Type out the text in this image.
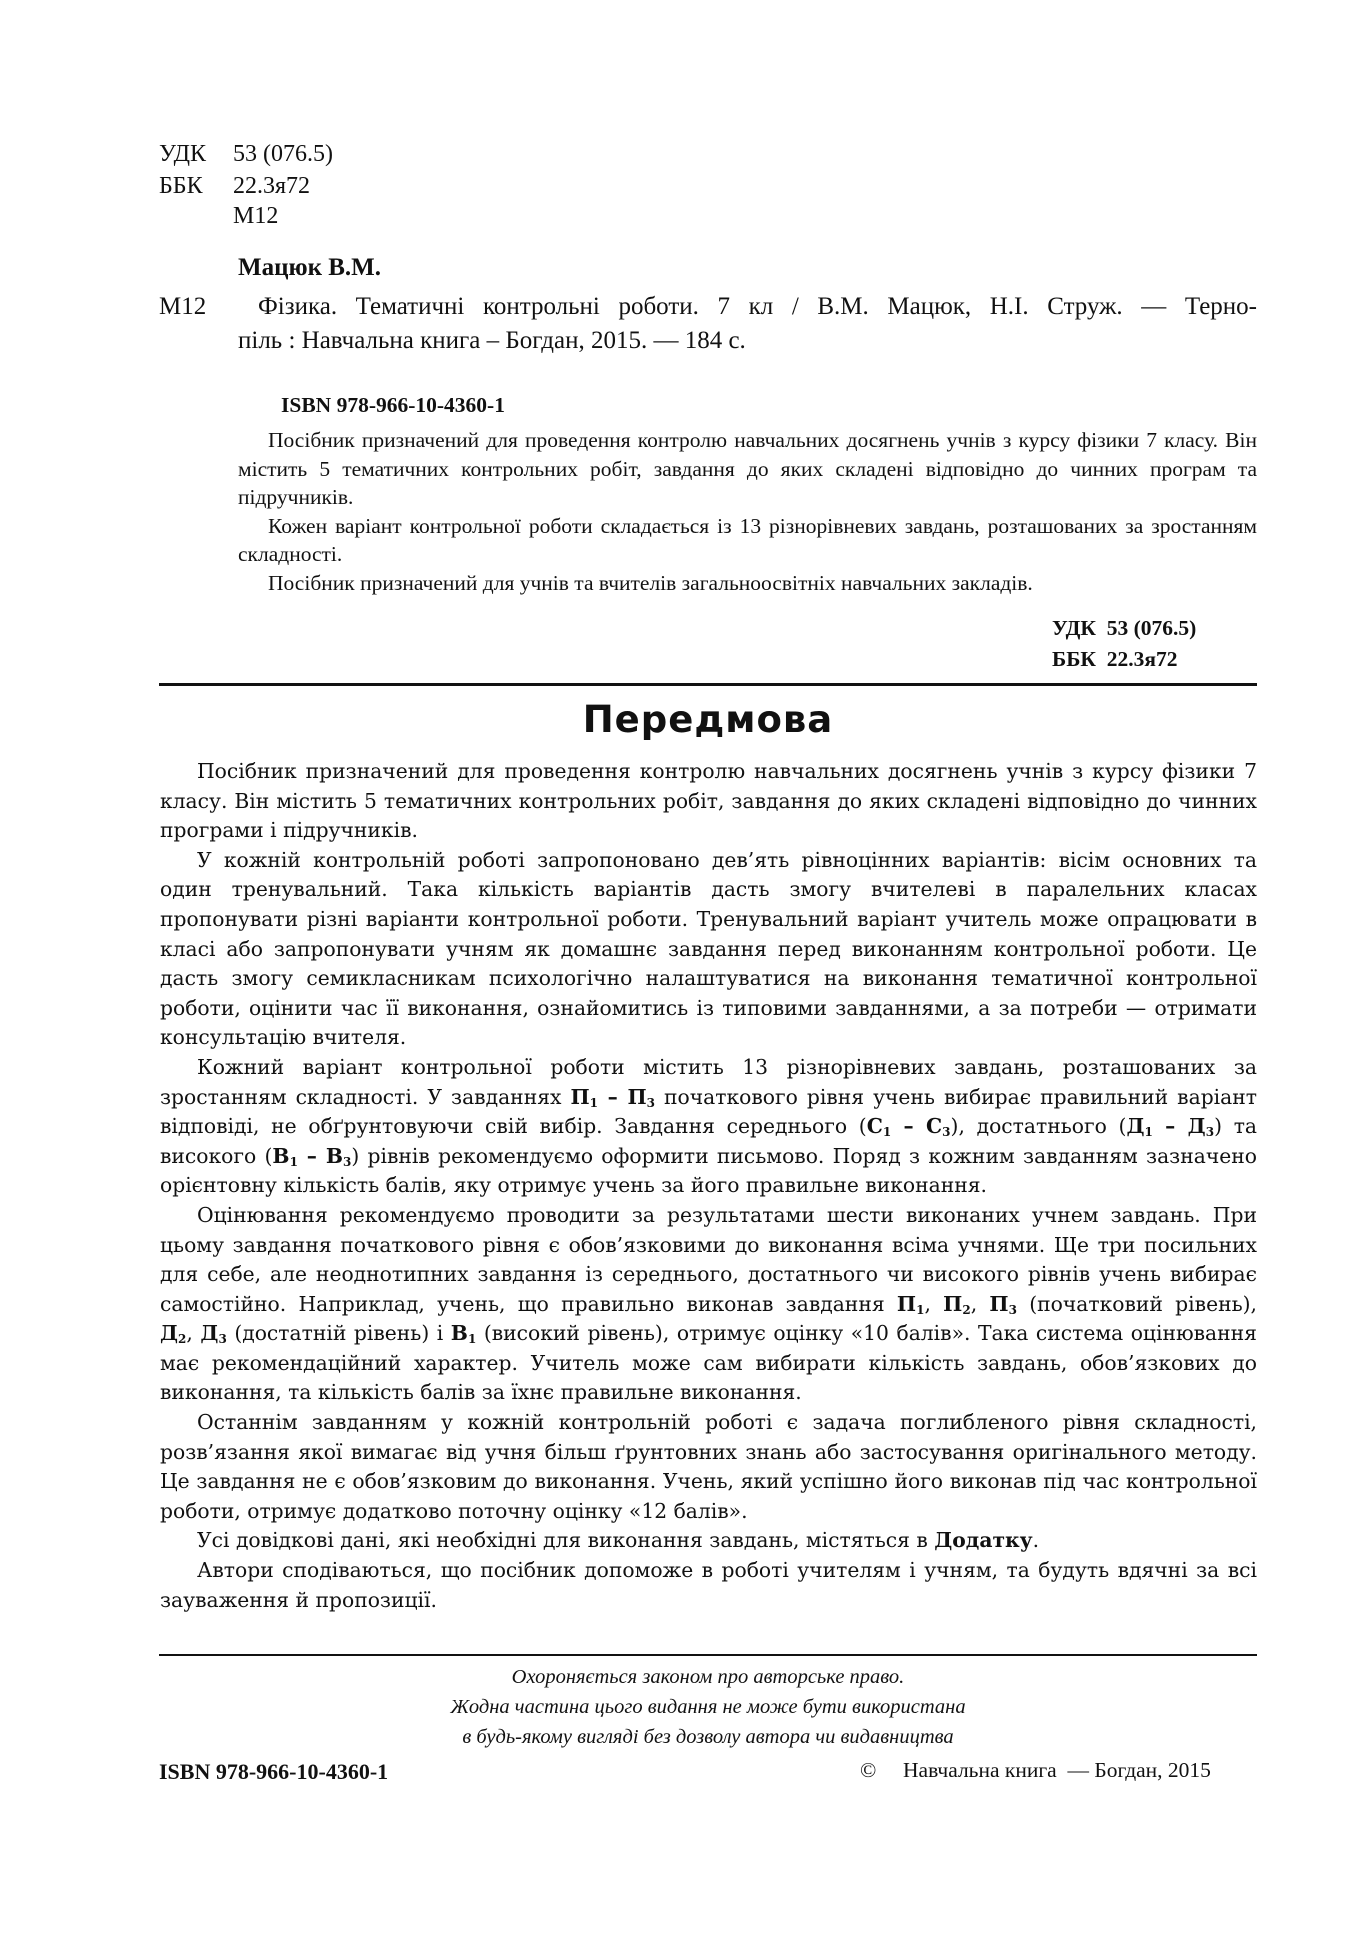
УДК 53 (076.5)
ББК 22.3я72
М12
Мацюк В.М.
М12 Фізика. Тематичні контрольні роботи. 7 кл / В.М. Мацюк, Н.І. Струж. — Терно-
піль : Навчальна книга – Богдан, 2015. — 184 с.
ISBN 978-966-10-4360-1

Посібник призначений для проведення контролю навчальних досягнень учнів з курсу фізики 7 класу. Він містить 5 тематичних контрольних робіт, завдання до яких складені відповідно до чинних програм та підручників.

Кожен варіант контрольної роботи складається із 13 різнорівневих завдань, розташованих за зростанням складності.

Посібник призначений для учнів та вчителів загальноосвітніх навчальних закладів.

УДК  53 (076.5)
ББК  22.3я72
Передмова

Посібник призначений для проведення контролю навчальних досягнень учнів з курсу фізики 7 класу. Він містить 5 тематичних контрольних робіт, завдання до яких складені відповідно до чинних програми і підручників.

У кожній контрольній роботі запропоновано дев’ять рівноцінних варіантів: вісім основних та один тренувальний. Така кількість варіантів дасть змогу вчителеві в паралельних класах пропонувати різні варіанти контрольної роботи. Тренувальний варіант учитель може опрацювати в класі або запропонувати учням як домашнє завдання перед виконанням контрольної роботи. Це дасть змогу семикласникам психологічно налаштуватися на виконання тематичної контрольної роботи, оцінити час її виконання, ознайомитись із типовими завданнями, а за потреби — отримати консультацію вчителя.

Кожний варіант контрольної роботи містить 13 різнорівневих завдань, розташованих за зростанням складності. У завданнях $П_1 - П_3$ початкового рівня учень вибирає правильний варіант відповіді, не обґрунтовуючи свій вибір. Завдання середнього $(С_1 - С_3)$, достатнього $(Д_1 - Д_3)$ та високого $(В_1 - В_3)$ рівнів рекомендуємо оформити письмово. Поряд з кожним завданням зазначено орієнтовну кількість балів, яку отримує учень за його правильне виконання.

Оцінювання рекомендуємо проводити за результатами шести виконаних учнем завдань. При цьому завдання початкового рівня є обов’язковими до виконання всіма учнями. Ще три посильних для себе, але неоднотипних завдання із середнього, достатнього чи високого рівнів учень вибирає самостійно. Наприклад, учень, що правильно виконав завдання $П_1$, $П_2$, $П_3$ (початковий рівень), $Д_2$, $Д_3$ (достатній рівень) і $В_1$ (високий рівень), отримує оцінку «10 балів». Така система оцінювання має рекомендаційний характер. Учитель може сам вибирати кількість завдань, обов’язкових до виконання, та кількість балів за їхнє правильне виконання.

Останнім завданням у кожній контрольній роботі є задача поглибленого рівня складності, розв’язання якої вимагає від учня більш ґрунтовних знань або застосування оригінального методу. Це завдання не є обов’язковим до виконання. Учень, який успішно його виконав під час контрольної роботи, отримує додатково поточну оцінку «12 балів».

Усі довідкові дані, які необхідні для виконання завдань, містяться в Додатку.

Автори сподіваються, що посібник допоможе в роботі учителям і учням, та будуть вдячні за всі зауваження й пропозиції.

Охороняється законом про авторське право.
Жодна частина цього видання не може бути використана
в будь-якому вигляді без дозволу автора чи видавництва
ISBN 978-966-10-4360-1	© Навчальна книга  — Богдан, 2015
